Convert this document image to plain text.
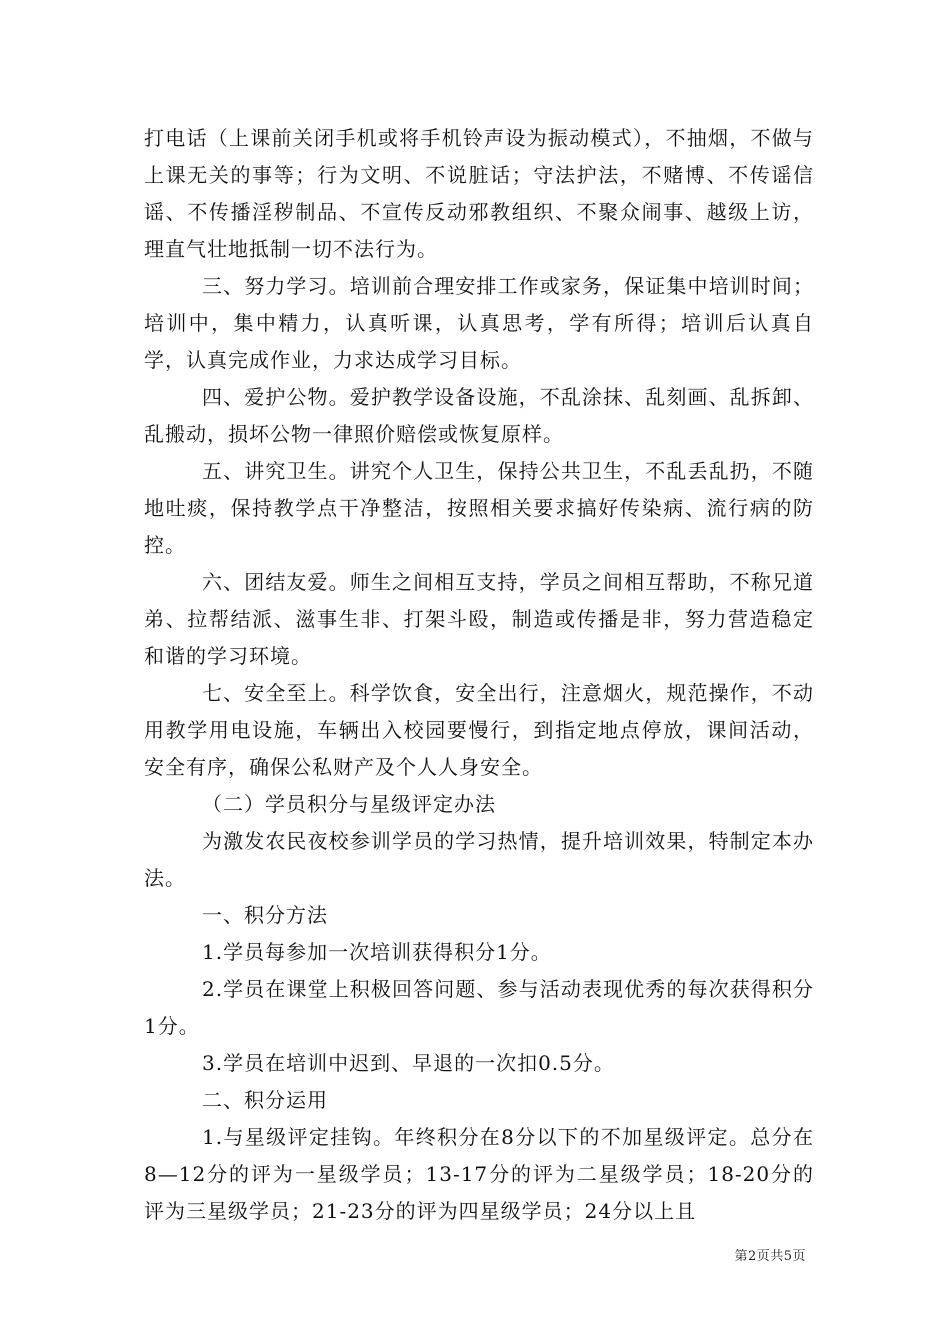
打电话（上课前关闭手机或将手机铃声设为振动模式），不抽烟，不做与上课无关的事等；行为文明、不说脏话；守法护法，不赌博、不传谣信谣、不传播淫秽制品、不宣传反动邪教组织、不聚众闹事、越级上访，理直气壮地抵制一切不法行为。

三、努力学习。培训前合理安排工作或家务，保证集中培训时间；培训中，集中精力，认真听课，认真思考，学有所得；培训后认真自学，认真完成作业，力求达成学习目标。

四、爱护公物。爱护教学设备设施，不乱涂抹、乱刻画、乱拆卸、乱搬动，损坏公物一律照价赔偿或恢复原样。

五、讲究卫生。讲究个人卫生，保持公共卫生，不乱丢乱扔，不随地吐痰，保持教学点干净整洁，按照相关要求搞好传染病、流行病的防控。

六、团结友爱。师生之间相互支持，学员之间相互帮助，不称兄道弟、拉帮结派、滋事生非、打架斗殴，制造或传播是非，努力营造稳定和谐的学习环境。

七、安全至上。科学饮食，安全出行，注意烟火，规范操作，不动用教学用电设施，车辆出入校园要慢行，到指定地点停放，课间活动，安全有序，确保公私财产及个人人身安全。

（二）学员积分与星级评定办法

为激发农民夜校参训学员的学习热情，提升培训效果，特制定本办法。

一、积分方法

1.学员每参加一次培训获得积分1分。

2.学员在课堂上积极回答问题、参与活动表现优秀的每次获得积分1分。

3.学员在培训中迟到、早退的一次扣0.5分。

二、积分运用

1.与星级评定挂钩。年终积分在8分以下的不加星级评定。总分在8—12分的评为一星级学员；13-17分的评为二星级学员；18-20分的评为三星级学员；21-23分的评为四星级学员；24分以上且

第2页共5页
